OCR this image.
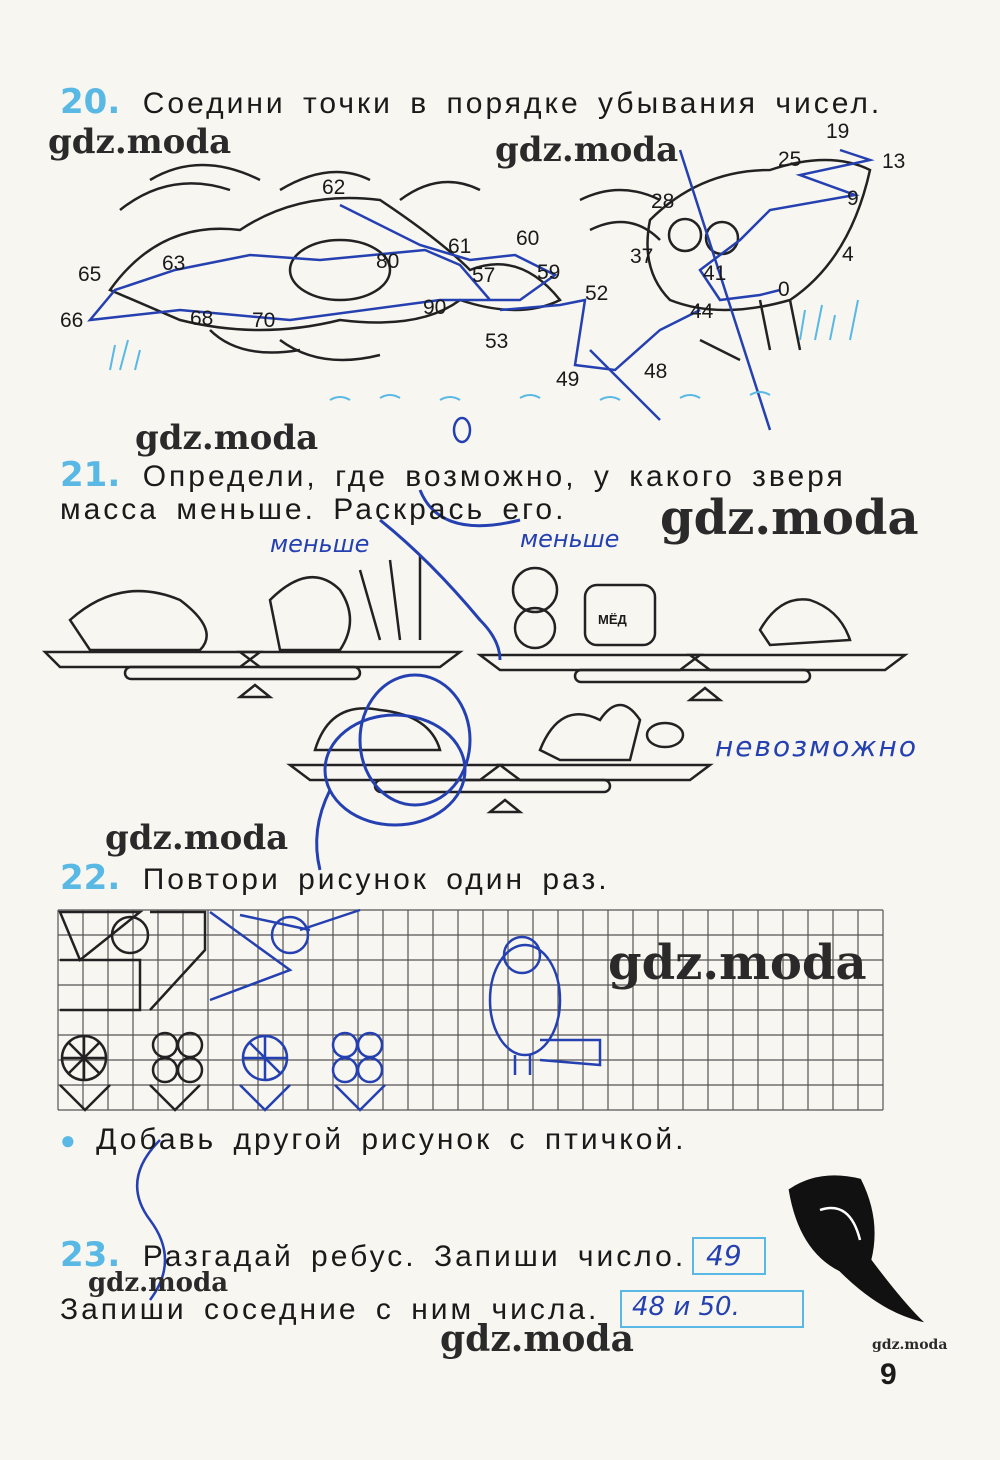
20. Соедини точки в порядке убывания чисел.
19
13
25
9
28
4
37
41
0
62
60
61
80
65	63
57 59
52
66	68 70
90
53
49	48
44
21. Определи, где возможно, у какого зверя
масса меньше. Раскрась его.
меньше	меньше
невозможно
МЁД
22. Повтори рисунок один раз.
● Добавь другой рисунок с птичкой.
23. Разгадай ребус. Запиши число. 49
Запиши соседние с ним числа.	48 и 50.
gdz.moda	gdz.moda
gdz.moda
gdz.moda
gdz.moda
gdz.moda
gdz.moda
gdz.moda	gdz.moda
9
